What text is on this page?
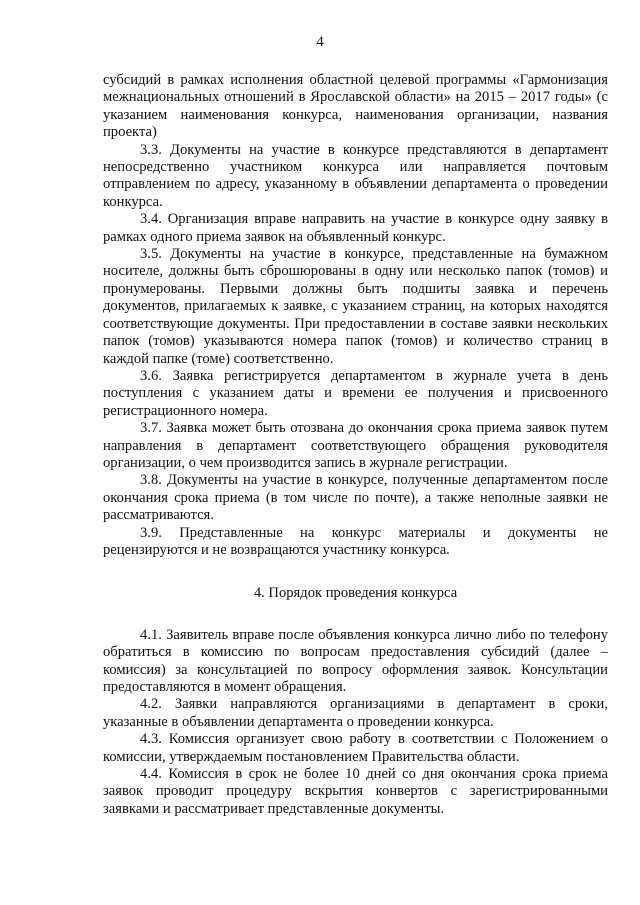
4

субсидий в рамках исполнения областной целевой программы «Гармонизация межнациональных отношений в Ярославской области» на 2015 – 2017 годы» (с указанием наименования конкурса, наименования организации, названия проекта)

3.3. Документы на участие в конкурсе представляются в департамент непосредственно участником конкурса или направляется почтовым отправлением по адресу, указанному в объявлении департамента о проведении конкурса.

3.4. Организация вправе направить на участие в конкурсе одну заявку в рамках одного приема заявок на объявленный конкурс.

3.5. Документы на участие в конкурсе, представленные на бумажном носителе, должны быть сброшюрованы в одну или несколько папок (томов) и пронумерованы. Первыми должны быть подшиты заявка и перечень документов, прилагаемых к заявке, с указанием страниц, на которых находятся соответствующие документы. При предоставлении в составе заявки нескольких папок (томов) указываются номера папок (томов) и количество страниц в каждой папке (томе) соответственно.

3.6. Заявка регистрируется департаментом в журнале учета в день поступления с указанием даты и времени ее получения и присвоенного регистрационного номера.

3.7. Заявка может быть отозвана до окончания срока приема заявок путем направления в департамент соответствующего обращения руководителя организации, о чем производится запись в журнале регистрации.

3.8. Документы на участие в конкурсе, полученные департаментом после окончания срока приема (в том числе по почте), а также неполные заявки не рассматриваются.

3.9. Представленные на конкурс материалы и документы не рецензируются и не возвращаются участнику конкурса.

4. Порядок проведения конкурса

4.1. Заявитель вправе после объявления конкурса лично либо по телефону обратиться в комиссию по вопросам предоставления субсидий (далее – комиссия) за консультацией по вопросу оформления заявок. Консультации предоставляются в момент обращения.

4.2. Заявки направляются организациями в департамент в сроки, указанные в объявлении департамента о проведении конкурса.

4.3. Комиссия организует свою работу в соответствии с Положением о комиссии, утверждаемым постановлением Правительства области.

4.4. Комиссия в срок не более 10 дней со дня окончания срока приема заявок проводит процедуру вскрытия конвертов с зарегистрированными заявками и рассматривает представленные документы.
